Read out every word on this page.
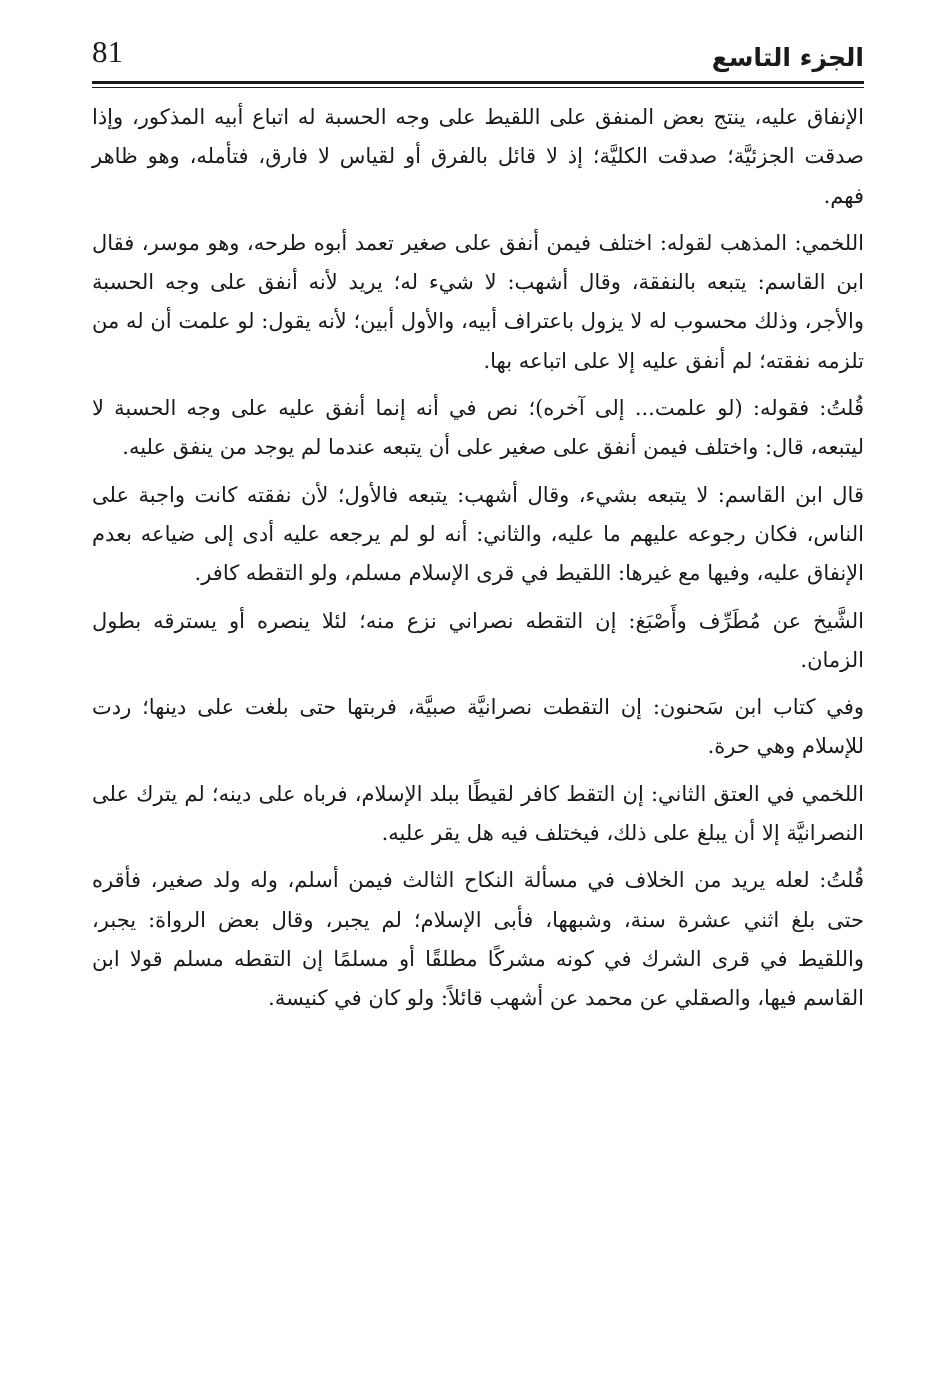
81	الجزء التاسع

الإنفاق عليه، ينتج بعض المنفق على اللقيط على وجه الحسبة له اتباع أبيه المذكور، وإذا صدقت الجزئيَّة؛ صدقت الكليَّة؛ إذ لا قائل بالفرق أو لقياس لا فارق، فتأمله، وهو ظاهر فهم.

اللخمي: المذهب لقوله: اختلف فيمن أنفق على صغير تعمد أبوه طرحه، وهو موسر، فقال ابن القاسم: يتبعه بالنفقة، وقال أشهب: لا شيء له؛ يريد لأنه أنفق على وجه الحسبة والأجر، وذلك محسوب له لا يزول باعتراف أبيه، والأول أبين؛ لأنه يقول: لو علمت أن له من تلزمه نفقته؛ لم أنفق عليه إلا على اتباعه بها.

قُلتُ: فقوله: (لو علمت... إلى آخره)؛ نص في أنه إنما أنفق عليه على وجه الحسبة لا ليتبعه، قال: واختلف فيمن أنفق على صغير على أن يتبعه عندما لم يوجد من ينفق عليه.

قال ابن القاسم: لا يتبعه بشيء، وقال أشهب: يتبعه فالأول؛ لأن نفقته كانت واجبة على الناس، فكان رجوعه عليهم ما عليه، والثاني: أنه لو لم يرجعه عليه أدى إلى ضياعه بعدم الإنفاق عليه، وفيها مع غيرها: اللقيط في قرى الإسلام مسلم، ولو التقطه كافر.

الشَّيخ عن مُطَرِّف وأَصْبَغ: إن التقطه نصراني نزع منه؛ لئلا ينصره أو يسترقه بطول الزمان.

وفي كتاب ابن سَحنون: إن التقطت نصرانيَّة صبيَّة، فربتها حتى بلغت على دينها؛ ردت للإسلام وهي حرة.

اللخمي في العتق الثاني: إن التقط كافر لقيطًا ببلد الإسلام، فرباه على دينه؛ لم يترك على النصرانيَّة إلا أن يبلغ على ذلك، فيختلف فيه هل يقر عليه.

قُلتُ: لعله يريد من الخلاف في مسألة النكاح الثالث فيمن أسلم، وله ولد صغير، فأقره حتى بلغ اثني عشرة سنة، وشبهها، فأبى الإسلام؛ لم يجبر، وقال بعض الرواة: يجبر، واللقيط في قرى الشرك في كونه مشركًا مطلقًا أو مسلمًا إن التقطه مسلم قولا ابن القاسم فيها، والصقلي عن محمد عن أشهب قائلاً: ولو كان في كنيسة.
